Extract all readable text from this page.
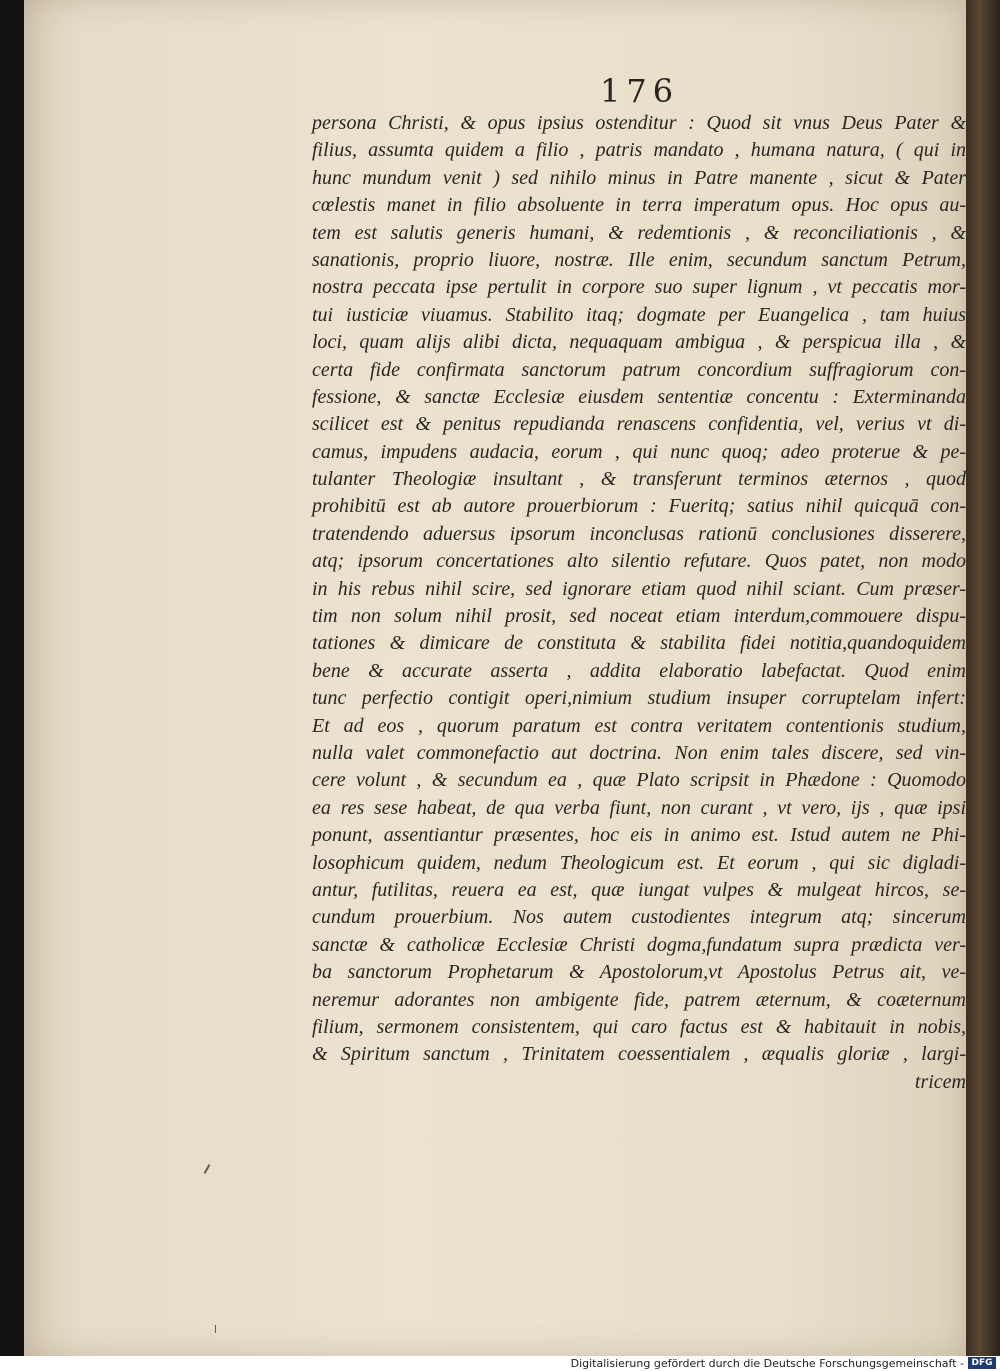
176
persona Christi, & opus ipsius ostenditur : Quod sit vnus Deus Pater &
filius, assumta quidem a filio , patris mandato , humana natura, ( qui in
hunc mundum venit ) sed nihilo minus in Patre manente , sicut & Pater
cœlestis manet in filio absoluente in terra imperatum opus. Hoc opus au-
tem est salutis generis humani, & redemtionis , & reconciliationis , &
sanationis, proprio liuore, nostræ. Ille enim, secundum sanctum Petrum,
nostra peccata ipse pertulit in corpore suo super lignum , vt peccatis mor-
tui iusticiæ viuamus. Stabilito itaq; dogmate per Euangelica , tam huius
loci, quam alijs alibi dicta, nequaquam ambigua , & perspicua illa , &
certa fide confirmata sanctorum patrum concordium suffragiorum con-
fessione, & sanctæ Ecclesiæ eiusdem sententiæ concentu : Exterminanda
scilicet est & penitus repudianda renascens confidentia, vel, verius vt di-
camus, impudens audacia, eorum , qui nunc quoq; adeo proterue & pe-
tulanter Theologiæ insultant , & transferunt terminos æternos , quod
prohibitū est ab autore prouerbiorum : Fueritq; satius nihil quicquā con-
tratendendo aduersus ipsorum inconclusas rationū conclusiones disserere,
atq; ipsorum concertationes alto silentio refutare. Quos patet, non modo
in his rebus nihil scire, sed ignorare etiam quod nihil sciant. Cum præser-
tim non solum nihil prosit, sed noceat etiam interdum,commouere dispu-
tationes & dimicare de constituta & stabilita fidei notitia,quandoquidem
bene & accurate asserta , addita elaboratio labefactat. Quod enim
tunc perfectio contigit operi,nimium studium insuper corruptelam infert:
Et ad eos , quorum paratum est contra veritatem contentionis studium,
nulla valet commonefactio aut doctrina. Non enim tales discere, sed vin-
cere volunt , & secundum ea , quæ Plato scripsit in Phædone : Quomodo
ea res sese habeat, de qua verba fiunt, non curant , vt vero, ijs , quæ ipsi
ponunt, assentiantur præsentes, hoc eis in animo est. Istud autem ne Phi-
losophicum quidem, nedum Theologicum est. Et eorum , qui sic digladi-
antur, futilitas, reuera ea est, quæ iungat vulpes & mulgeat hircos, se-
cundum prouerbium. Nos autem custodientes integrum atq; sincerum
sanctæ & catholicæ Ecclesiæ Christi dogma,fundatum supra prædicta ver-
ba sanctorum Prophetarum & Apostolorum,vt Apostolus Petrus ait, ve-
neremur adorantes non ambigente fide, patrem æternum, & coæternum
filium, sermonem consistentem, qui caro factus est & habitauit in nobis,
& Spiritum sanctum , Trinitatem coessentialem , æqualis gloriæ , largi-
tricem
Digitalisierung gefördert durch die Deutsche Forschungsgemeinschaft - DFG
